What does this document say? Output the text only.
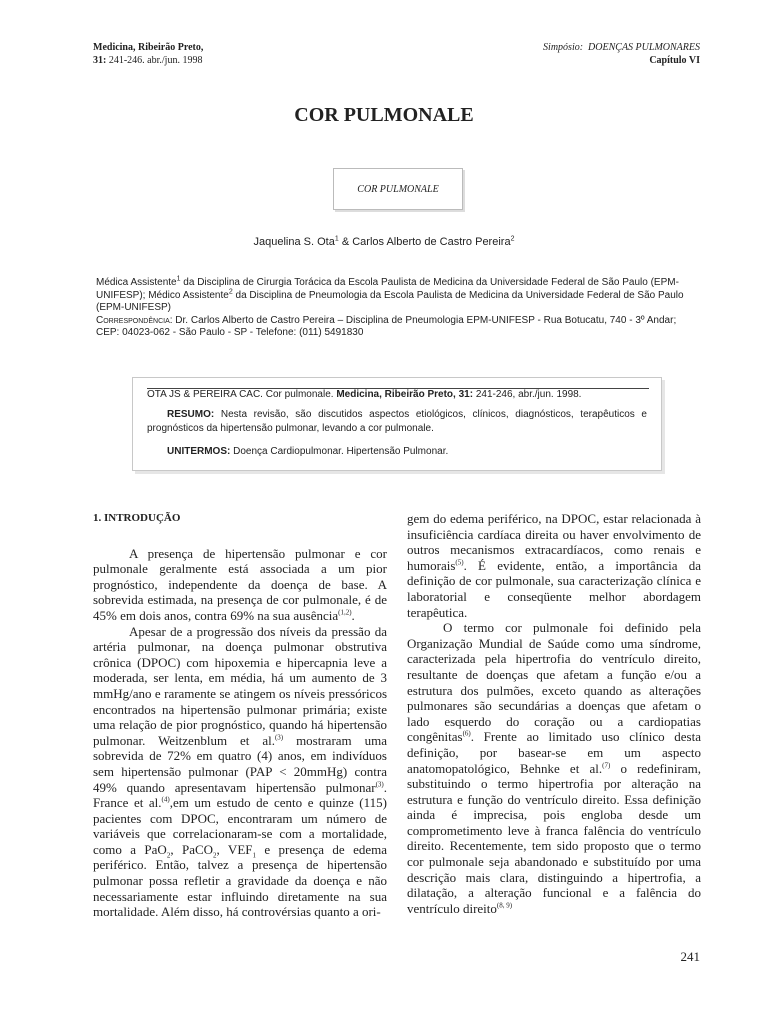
Medicina, Ribeirão Preto,
31: 241-246. abr./jun. 1998
Simpósio: DOENÇAS PULMONARES
Capítulo VI
COR PULMONALE
COR PULMONALE
Jaquelina S. Ota$^1$ & Carlos Alberto de Castro Pereira$^2$
Médica Assistente$^1$ da Disciplina de Cirurgia Torácica da Escola Paulista de Medicina da Universidade Federal de São Paulo (EPM-UNIFESP); Médico Assistente$^2$ da Disciplina de Pneumologia da Escola Paulista de Medicina da Universidade Federal de São Paulo (EPM-UNIFESP)
Correspondência: Dr. Carlos Alberto de Castro Pereira – Disciplina de Pneumologia EPM-UNIFESP - Rua Botucatu, 740 - 3º Andar; CEP: 04023-062 - São Paulo - SP - Telefone: (011) 5491830
OTA JS & PEREIRA CAC. Cor pulmonale. Medicina, Ribeirão Preto, 31: 241-246, abr./jun. 1998.
RESUMO: Nesta revisão, são discutidos aspectos etiológicos, clínicos, diagnósticos, terapêuticos e prognósticos da hipertensão pulmonar, levando a cor pulmonale.
UNITERMOS: Doença Cardiopulmonar. Hipertensão Pulmonar.

1. INTRODUÇÃO

A presença de hipertensão pulmonar e cor pulmonale geralmente está associada a um pior prognóstico, independente da doença de base. A sobrevida estimada, na presença de cor pulmonale, é de 45% em dois anos, contra 69% na sua ausência$^{(1,2)}$.

Apesar de a progressão dos níveis da pressão da artéria pulmonar, na doença pulmonar obstrutiva crônica (DPOC) com hipoxemia e hipercapnia leve a moderada, ser lenta, em média, há um aumento de 3 mmHg/ano e raramente se atingem os níveis pressóricos encontrados na hipertensão pulmonar primária; existe uma relação de pior prognóstico, quando há hipertensão pulmonar. Weitzenblum et al.$^{(3)}$ mostraram uma sobrevida de 72% em quatro (4) anos, em indivíduos sem hipertensão pulmonar (PAP < 20mmHg) contra 49% quando apresentavam hipertensão pulmonar$^{(3)}$. France et al.$^{(4)}$,em um estudo de cento e quinze (115) pacientes com DPOC, encontraram um número de variáveis que correlacionaram-se com a mortalidade, como a PaO$_2$, PaCO$_2$, $VEF_1$ e presença de edema periférico. Então, talvez a presença de hipertensão pulmonar possa refletir a gravidade da doença e não necessariamente estar influindo diretamente na sua mortalidade. Além disso, há controvérsias quanto a ori-

gem do edema periférico, na DPOC, estar relacionada à insuficiência cardíaca direita ou haver envolvimento de outros mecanismos extracardíacos, como renais e humorais$^{(5)}$. É evidente, então, a importância da definição de cor pulmonale, sua caracterização clínica e laboratorial e conseqüente melhor abordagem terapêutica.

O termo cor pulmonale foi definido pela Organização Mundial de Saúde como uma síndrome, caracterizada pela hipertrofia do ventrículo direito, resultante de doenças que afetam a função e/ou a estrutura dos pulmões, exceto quando as alterações pulmonares são secundárias a doenças que afetam o lado esquerdo do coração ou a cardiopatias congênitas$^{(6)}$. Frente ao limitado uso clínico desta definição, por basear-se em um aspecto anatomopatológico, Behnke et al.$^{(7)}$ o redefiniram, substituindo o termo hipertrofia por alteração na estrutura e função do ventrículo direito. Essa definição ainda é imprecisa, pois engloba desde um comprometimento leve à franca falência do ventrículo direito. Recentemente, tem sido proposto que o termo cor pulmonale seja abandonado e substituído por uma descrição mais clara, distinguindo a hipertrofia, a dilatação, a alteração funcional e a falência do ventrículo direito$^{(8, 9)}$

241
